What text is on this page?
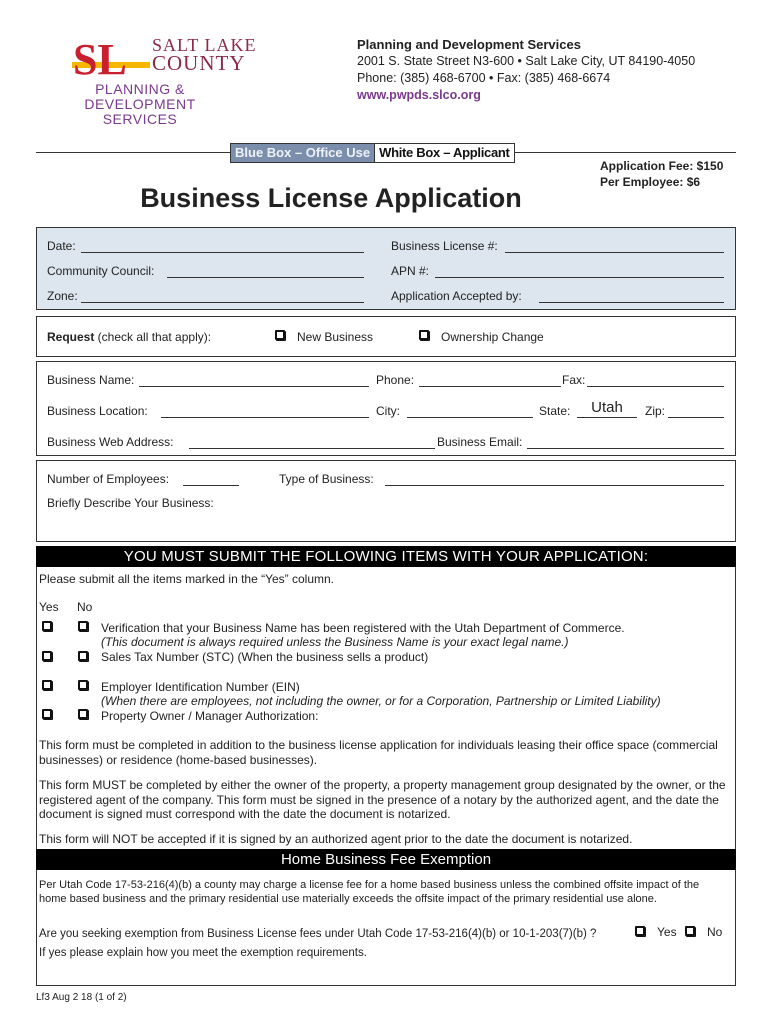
SL SALT LAKE
COUNTY
PLANNING &
DEVELOPMENT
SERVICES
Planning and Development Services
2001 S. State Street N3-600 • Salt Lake City, UT 84190-4050
Phone: (385) 468-6700 • Fax: (385) 468-6674
www.pwpds.slco.org
Blue Box – Office Use White Box – Applicant
Application Fee: $150
Per Employee: $6
Business License Application
Date:	Business License #:
Community Council:	APN #:
Zone:	Application Accepted by:
Request (check all that apply):	New Business	Ownership Change
Business Name:	Phone:	Fax:
Business Location:	City:	State:	Utah	Zip:
Business Web Address:	Business Email:
Number of Employees:	Type of Business:
Briefly Describe Your Business:
YOU MUST SUBMIT THE FOLLOWING ITEMS WITH YOUR APPLICATION:
Please submit all the items marked in the “Yes” column.
Yes No
Verification that your Business Name has been registered with the Utah Department of Commerce.
(This document is always required unless the Business Name is your exact legal name.)
Sales Tax Number (STC) (When the business sells a product)
Employer Identification Number (EIN)
(When there are employees, not including the owner, or for a Corporation, Partnership or Limited Liability)
Property Owner / Manager Authorization:
This form must be completed in addition to the business license application for individuals leasing their office space (commercial businesses) or residence (home-based businesses).
This form MUST be completed by either the owner of the property, a property management group designated by the owner, or the registered agent of the company. This form must be signed in the presence of a notary by the authorized agent, and the date the document is signed must correspond with the date the document is notarized.
This form will NOT be accepted if it is signed by an authorized agent prior to the date the document is notarized.
Home Business Fee Exemption
Per Utah Code 17-53-216(4)(b) a county may charge a license fee for a home based business unless the combined offsite impact of the home based business and the primary residential use materially exceeds the offsite impact of the primary residential use alone.
Are you seeking exemption from Business License fees under Utah Code 17-53-216(4)(b) or 10-1-203(7)(b) ?	Yes	No
If yes please explain how you meet the exemption requirements.
Lf3 Aug 2 18 (1 of 2)
